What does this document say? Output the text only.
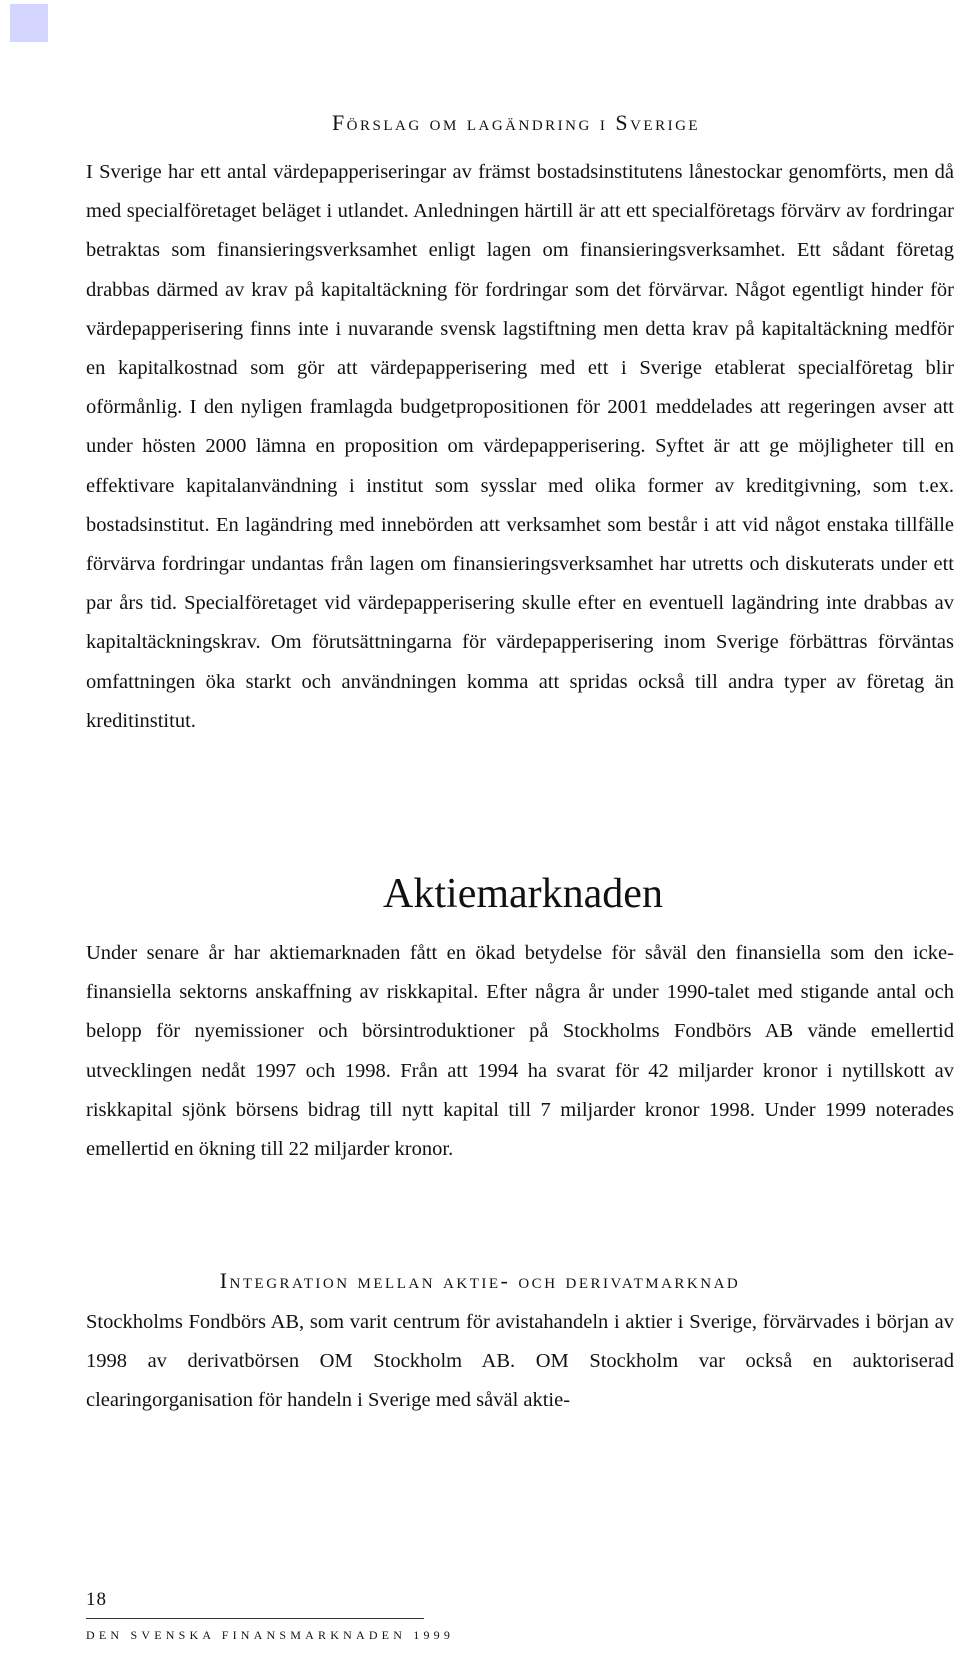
Förslag om lagändring i Sverige

I Sverige har ett antal värdepapperiseringar av främst bostadsinstitutens lånestockar genomförts, men då med specialföretaget beläget i utlandet. Anledningen härtill är att ett specialföretags förvärv av fordringar betraktas som finansieringsverksamhet enligt lagen om finansieringsverksamhet. Ett sådant företag drabbas därmed av krav på kapitaltäckning för fordringar som det förvärvar. Något egentligt hinder för värdepapperisering finns inte i nuvarande svensk lagstiftning men detta krav på kapitaltäckning medför en kapitalkostnad som gör att värdepapperisering med ett i Sverige etablerat specialföretag blir oförmånlig. I den nyligen framlagda budgetpropositionen för 2001 meddelades att regeringen avser att under hösten 2000 lämna en proposition om värdepapperisering. Syftet är att ge möjligheter till en effektivare kapitalanvändning i institut som sysslar med olika former av kreditgivning, som t.ex. bostadsinstitut. En lagändring med innebörden att verksamhet som består i att vid något enstaka tillfälle förvärva fordringar undantas från lagen om finansieringsverksamhet har utretts och diskuterats under ett par års tid. Specialföretaget vid värdepapperisering skulle efter en eventuell lagändring inte drabbas av kapitaltäckningskrav. Om förutsättningarna för värdepapperisering inom Sverige förbättras förväntas omfattningen öka starkt och användningen komma att spridas också till andra typer av företag än kreditinstitut.

Aktiemarknaden

Under senare år har aktiemarknaden fått en ökad betydelse för såväl den finansiella som den icke-finansiella sektorns anskaffning av riskkapital. Efter några år under 1990-talet med stigande antal och belopp för nyemissioner och börsintroduktioner på Stockholms Fondbörs AB vände emellertid utvecklingen nedåt 1997 och 1998. Från att 1994 ha svarat för 42 miljarder kronor i nytillskott av riskkapital sjönk börsens bidrag till nytt kapital till 7 miljarder kronor 1998. Under 1999 noterades emellertid en ökning till 22 miljarder kronor.

Integration mellan aktie- och derivatmarknad

Stockholms Fondbörs AB, som varit centrum för avistahandeln i aktier i Sverige, förvärvades i början av 1998 av derivatbörsen OM Stockholm AB. OM Stockholm var också en auktoriserad clearingorganisation för handeln i Sverige med såväl aktie-

18
DEN SVENSKA FINANSMARKNADEN 1999
